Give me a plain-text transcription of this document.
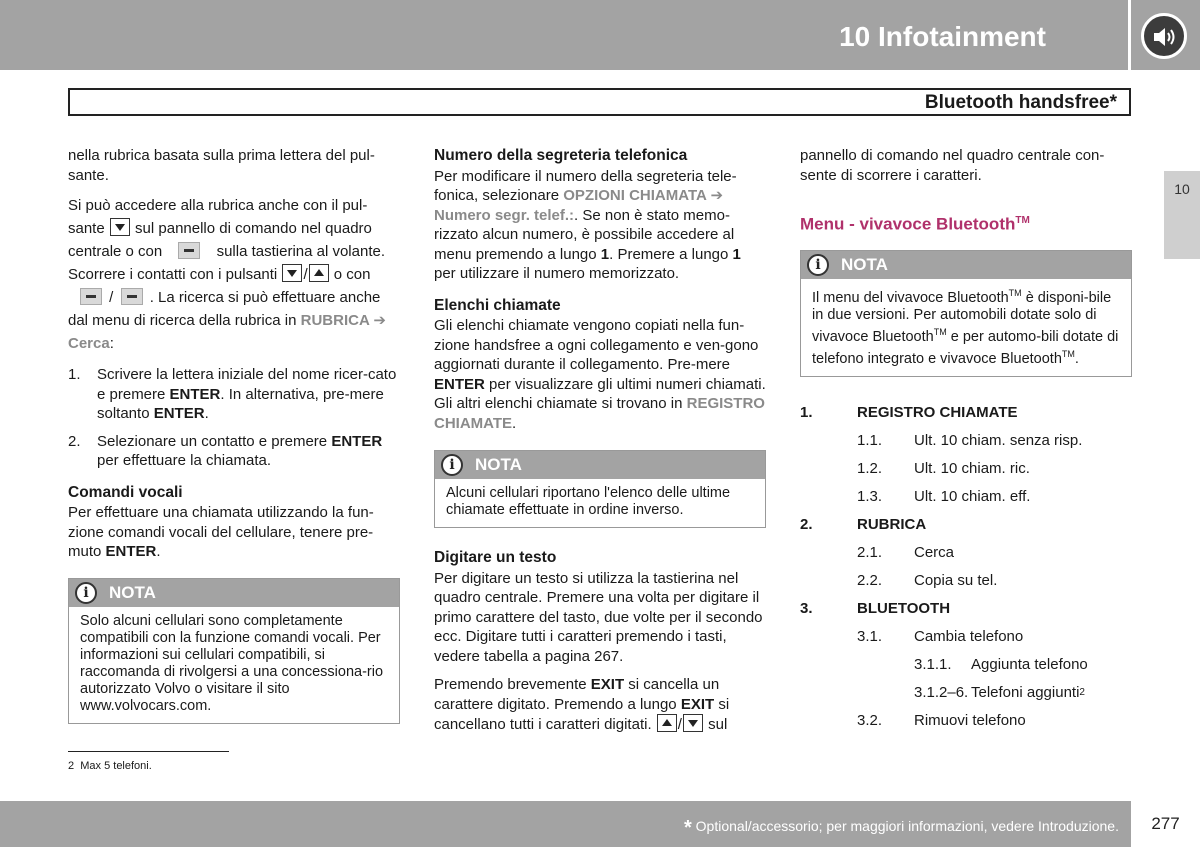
10 Infotainment
Bluetooth handsfree*
10

nella rubrica basata sulla prima lettera del pul-sante.

Si può accedere alla rubrica anche con il pul-sante sul pannello di comando nel quadro centrale o con	sulla tastierina al volante. Scorrere i contatti con i pulsanti / o con
/  . La ricerca si può effettuare anche dal menu di ricerca della rubrica in RUBRICA ➔ Cerca:

1.	Scrivere la lettera iniziale del nome ricer-cato e premere ENTER. In alternativa, pre-mere soltanto ENTER.
2.	Selezionare un contatto e premere ENTER per effettuare la chiamata.
Comandi vocali

Per effettuare una chiamata utilizzando la fun-zione comandi vocali del cellulare, tenere pre-muto ENTER.

i	NOTA
Solo alcuni cellulari sono completamente compatibili con la funzione comandi vocali. Per informazioni sui cellulari compatibili, si raccomanda di rivolgersi a una concessiona-rio autorizzato Volvo o visitare il sito www.volvocars.com.
Numero della segreteria telefonica

Per modificare il numero della segreteria tele-fonica, selezionare OPZIONI CHIAMATA ➔ Numero segr. telef.:. Se non è stato memo-rizzato alcun numero, è possibile accedere al menu premendo a lungo 1. Premere a lungo 1 per utilizzare il numero memorizzato.

Elenchi chiamate

Gli elenchi chiamate vengono copiati nella fun-zione handsfree a ogni collegamento e ven-gono aggiornati durante il collegamento. Pre-mere ENTER per visualizzare gli ultimi numeri chiamati. Gli altri elenchi chiamate si trovano in REGISTRO CHIAMATE.

i	NOTA
Alcuni cellulari riportano l'elenco delle ultime chiamate effettuate in ordine inverso.
Digitare un testo

Per digitare un testo si utilizza la tastierina nel quadro centrale. Premere una volta per digitare il primo carattere del tasto, due volte per il secondo ecc. Digitare tutti i caratteri premendo i tasti, vedere tabella a pagina 267.

Premendo brevemente EXIT si cancella un carattere digitato. Premendo a lungo EXIT si cancellano tutti i caratteri digitati. / sul

pannello di comando nel quadro centrale con-sente di scorrere i caratteri.

Menu - vivavoce Bluetooth™
i	NOTA
Il menu del vivavoce Bluetooth™ è disponi-bile in due versioni. Per automobili dotate solo di vivavoce Bluetooth™ e per automo-bili dotate di telefono integrato e vivavoce Bluetooth™.
1.	REGISTRO CHIAMATE
1.1.	Ult. 10 chiam. senza risp.
1.2.	Ult. 10 chiam. ric.
1.3.	Ult. 10 chiam. eff.
2.	RUBRICA
2.1.	Cerca
2.2.	Copia su tel.
3.	BLUETOOTH
3.1.	Cambia telefono
3.1.1.	Aggiunta telefono
3.1.2–6. Telefoni aggiunti 2
3.2.	Rimuovi telefono
2 Max 5 telefoni.
* Optional/accessorio; per maggiori informazioni, vedere Introduzione.	277
